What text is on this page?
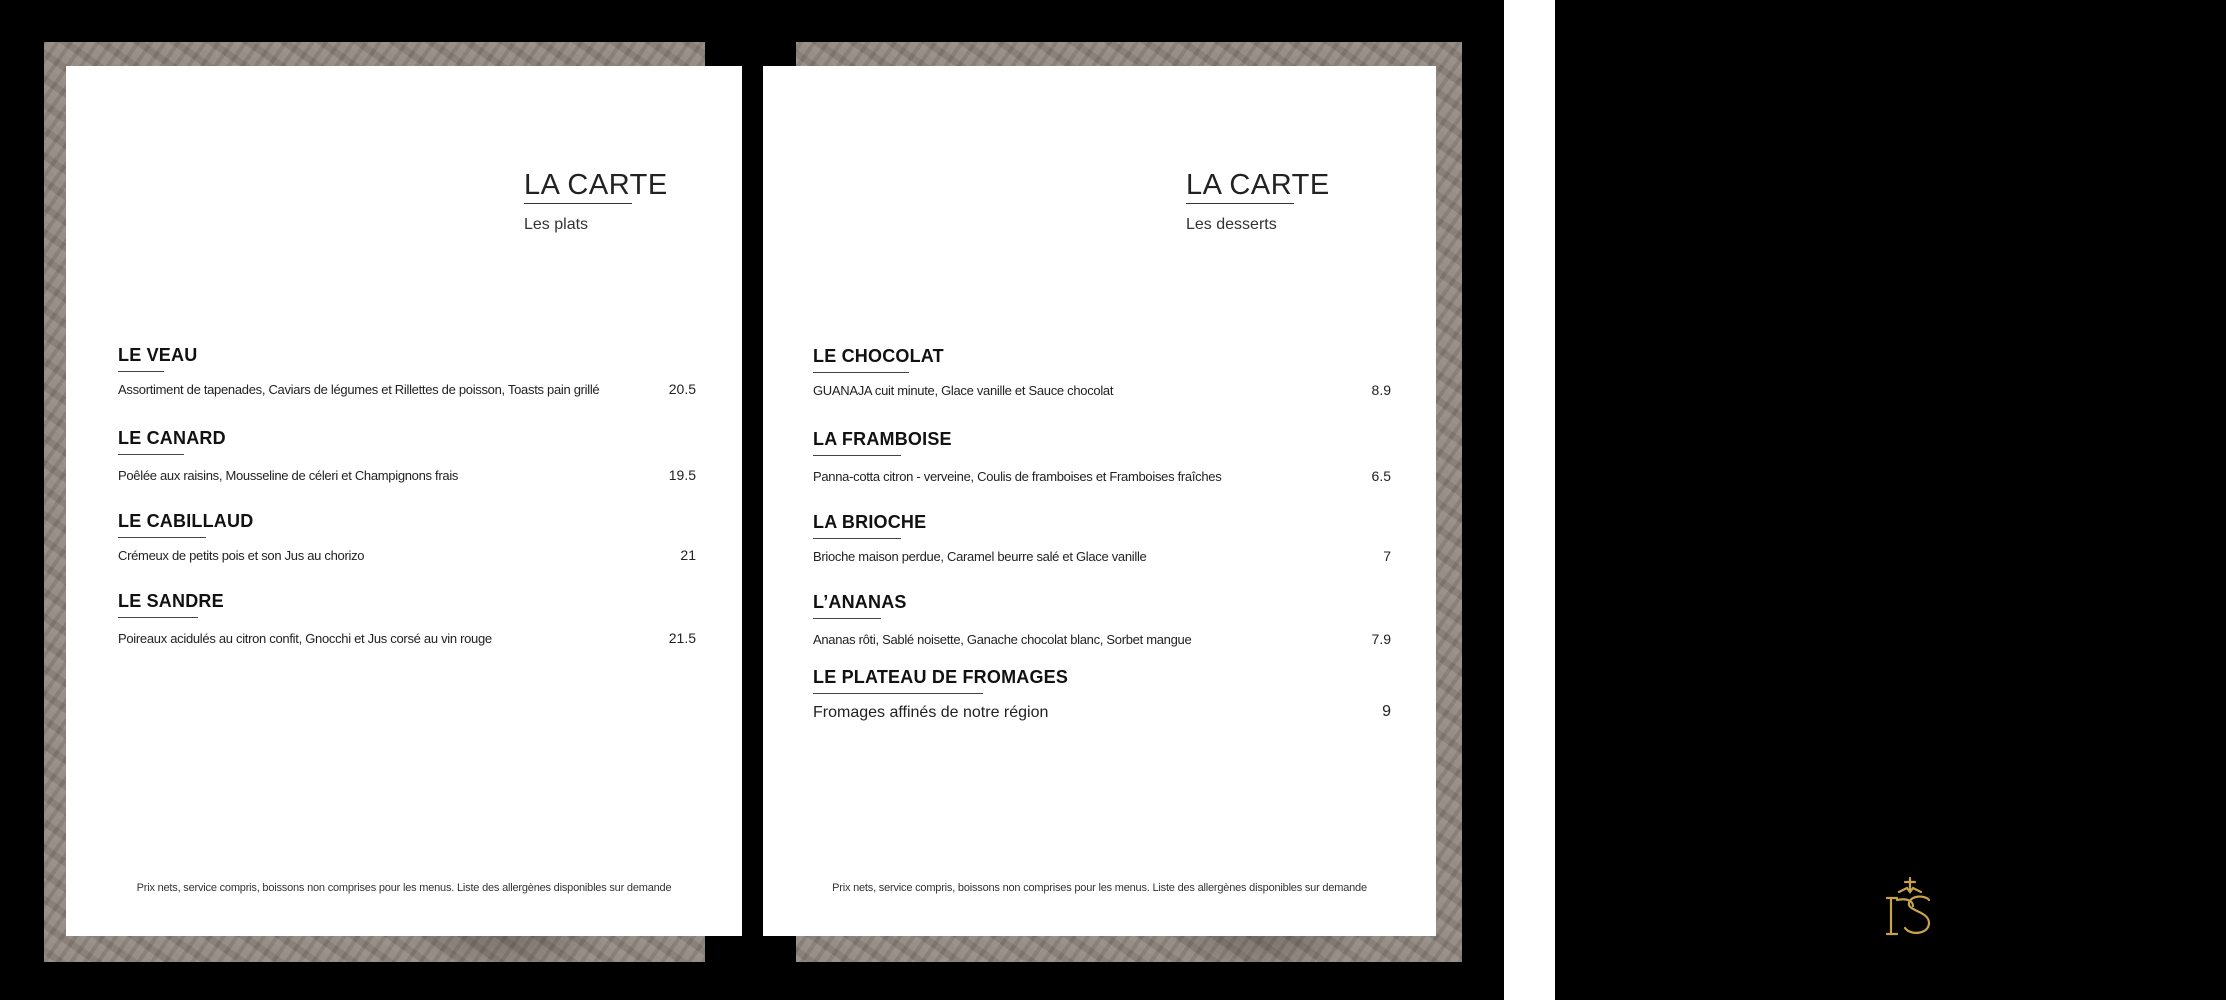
LA CARTE
Les plats
LE VEAU
Assortiment de tapenades, Caviars de légumes et Rillettes de poisson, Toasts pain grillé	20.5
LE CANARD
Poêlée aux raisins, Mousseline de céleri et Champignons frais	19.5
LE CABILLAUD
Crémeux de petits pois et son Jus au chorizo	21
LE SANDRE
Poireaux acidulés au citron confit, Gnocchi et Jus corsé au vin rouge	21.5
Prix nets, service compris, boissons non comprises pour les menus. Liste des allergènes disponibles sur demande
LA CARTE
Les desserts
LE CHOCOLAT
GUANAJA cuit minute, Glace vanille et Sauce chocolat	8.9
LA FRAMBOISE
Panna-cotta citron - verveine, Coulis de framboises et Framboises fraîches	6.5
LA BRIOCHE
Brioche maison perdue, Caramel beurre salé et Glace vanille	7
L’ANANAS
Ananas rôti, Sablé noisette, Ganache chocolat blanc, Sorbet mangue	7.9
LE PLATEAU DE FROMAGES
Fromages affinés de notre région	9
Prix nets, service compris, boissons non comprises pour les menus. Liste des allergènes disponibles sur demande
